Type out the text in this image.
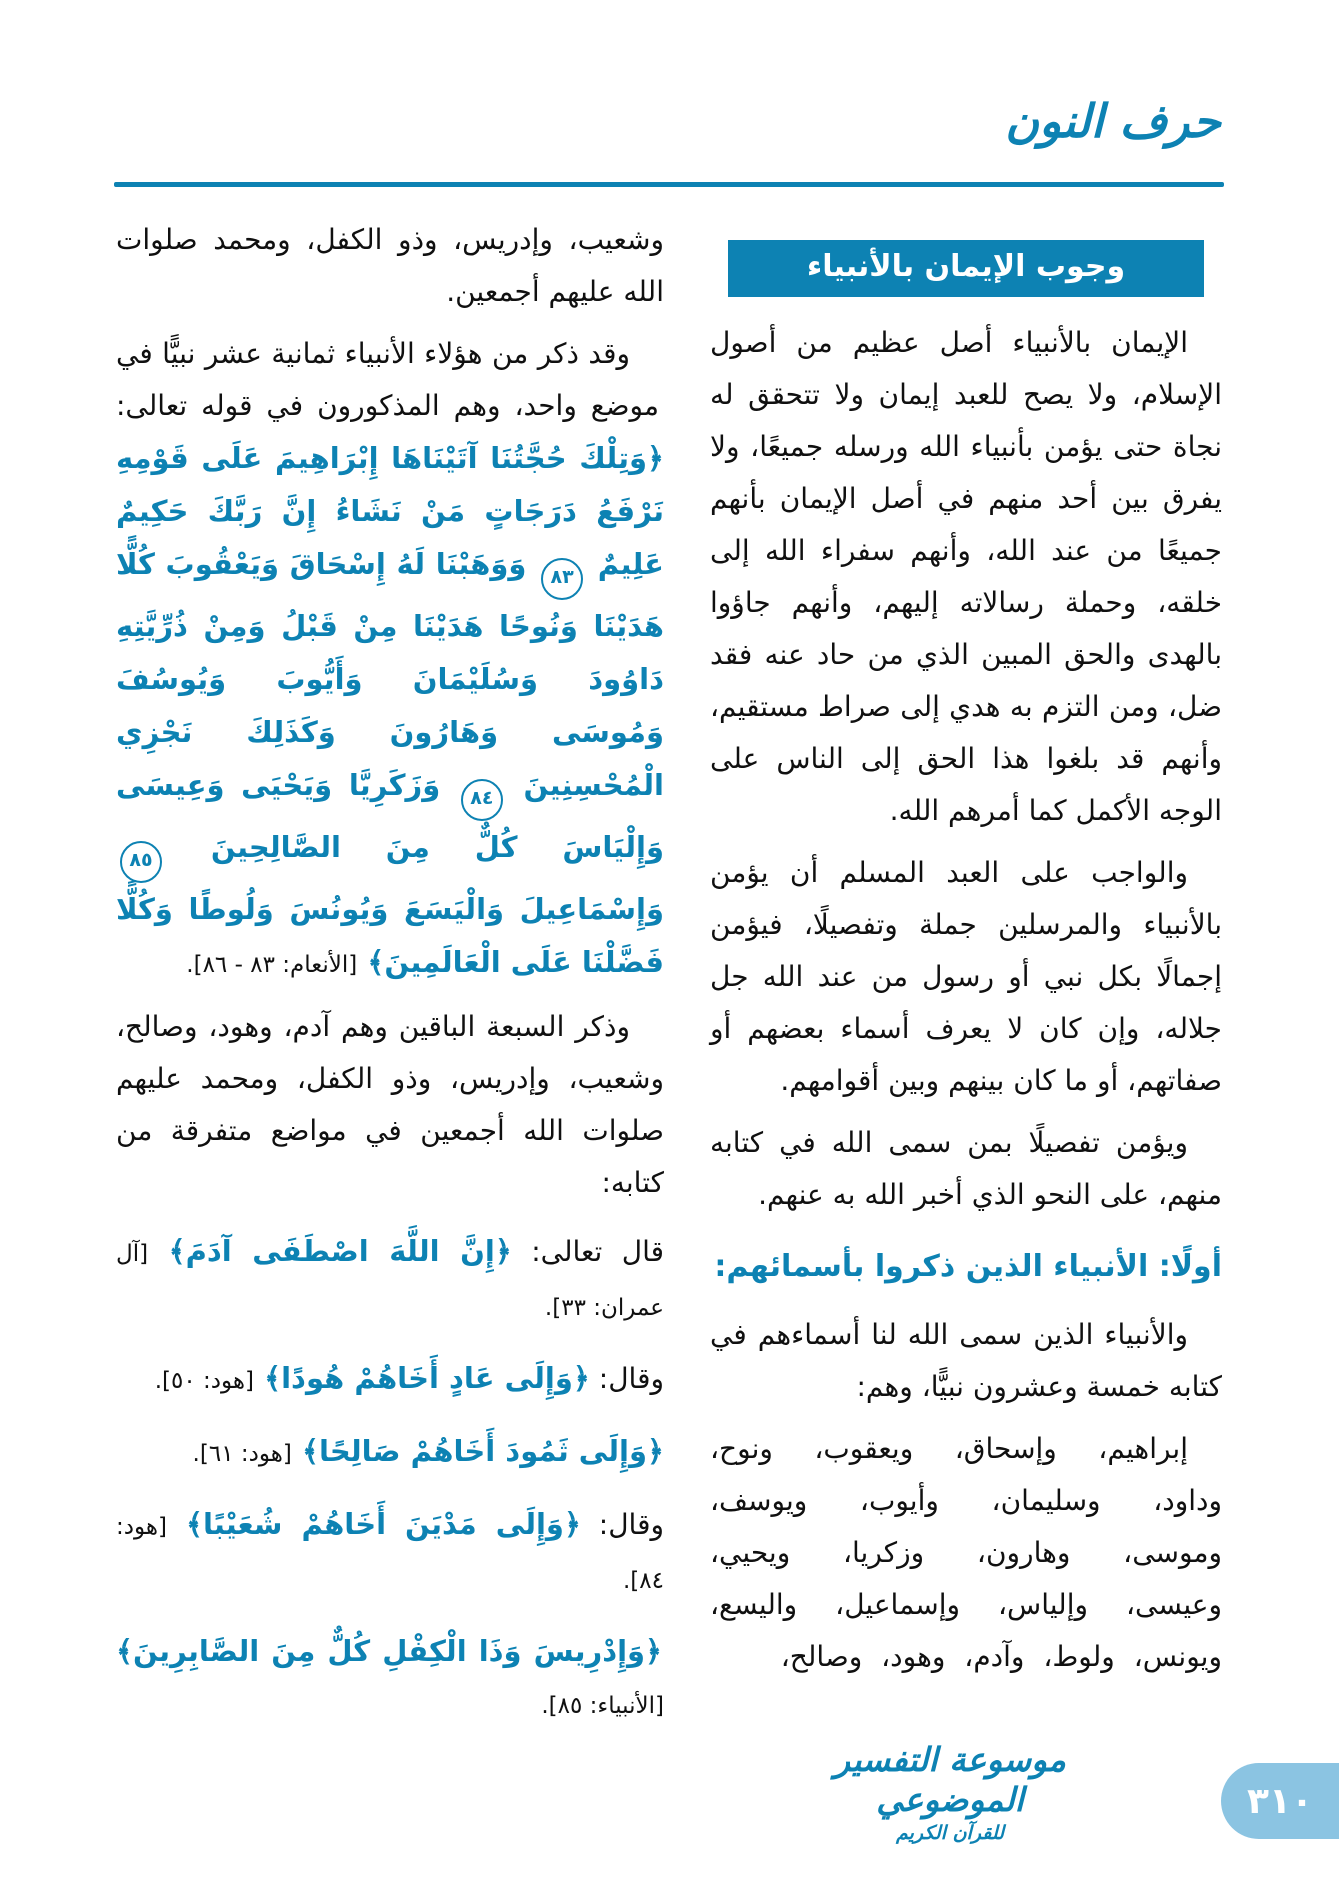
حرف النون
وجوب الإيمان بالأنبياء

الإيمان بالأنبياء أصل عظيم من أصول الإسلام، ولا يصح للعبد إيمان ولا تتحقق له نجاة حتى يؤمن بأنبياء الله ورسله جميعًا، ولا يفرق بين أحد منهم في أصل الإيمان بأنهم جميعًا من عند الله، وأنهم سفراء الله إلى خلقه، وحملة رسالاته إليهم، وأنهم جاؤوا بالهدى والحق المبين الذي من حاد عنه فقد ضل، ومن التزم به هدي إلى صراط مستقيم، وأنهم قد بلغوا هذا الحق إلى الناس على الوجه الأكمل كما أمرهم الله.

والواجب على العبد المسلم أن يؤمن بالأنبياء والمرسلين جملة وتفصيلًا، فيؤمن إجمالًا بكل نبي أو رسول من عند الله جل جلاله، وإن كان لا يعرف أسماء بعضهم أو صفاتهم، أو ما كان بينهم وبين أقوامهم.

ويؤمن تفصيلًا بمن سمى الله في كتابه منهم، على النحو الذي أخبر الله به عنهم.

أولًا: الأنبياء الذين ذكروا بأسمائهم:

والأنبياء الذين سمى الله لنا أسماءهم في كتابه خمسة وعشرون نبيًّا، وهم:

إبراهيم، وإسحاق، ويعقوب، ونوح، وداود، وسليمان، وأيوب، ويوسف، وموسى، وهارون، وزكريا، ويحيي، وعيسى، وإلياس، وإسماعيل، واليسع، ويونس، ولوط، وآدم، وهود، وصالح،

وشعيب، وإدريس، وذو الكفل، ومحمد صلوات الله عليهم أجمعين.

وقد ذكر من هؤلاء الأنبياء ثمانية عشر نبيًّا في موضع واحد، وهم المذكورون في قوله تعالى: ﴿وَتِلْكَ حُجَّتُنَا آتَيْنَاهَا إِبْرَاهِيمَ عَلَى قَوْمِهِ نَرْفَعُ دَرَجَاتٍ مَنْ نَشَاءُ إِنَّ رَبَّكَ حَكِيمٌ عَلِيمٌ ٨٣ وَوَهَبْنَا لَهُ إِسْحَاقَ وَيَعْقُوبَ كُلًّا هَدَيْنَا وَنُوحًا هَدَيْنَا مِنْ قَبْلُ وَمِنْ ذُرِّيَّتِهِ دَاوُودَ وَسُلَيْمَانَ وَأَيُّوبَ وَيُوسُفَ وَمُوسَى وَهَارُونَ وَكَذَلِكَ نَجْزِي الْمُحْسِنِينَ ٨٤ وَزَكَرِيَّا وَيَحْيَى وَعِيسَى وَإِلْيَاسَ كُلٌّ مِنَ الصَّالِحِينَ ٨٥ وَإِسْمَاعِيلَ وَالْيَسَعَ وَيُونُسَ وَلُوطًا وَكُلًّا فَضَّلْنَا عَلَى الْعَالَمِينَ﴾ [الأنعام: ٨٣ - ٨٦].

وذكر السبعة الباقين وهم آدم، وهود، وصالح، وشعيب، وإدريس، وذو الكفل، ومحمد عليهم صلوات الله أجمعين في مواضع متفرقة من كتابه:

قال تعالى: ﴿إِنَّ اللَّهَ اصْطَفَى آدَمَ﴾ [آل عمران: ٣٣].

وقال: ﴿وَإِلَى عَادٍ أَخَاهُمْ هُودًا﴾ [هود: ٥٠].

﴿وَإِلَى ثَمُودَ أَخَاهُمْ صَالِحًا﴾ [هود: ٦١].

وقال: ﴿وَإِلَى مَدْيَنَ أَخَاهُمْ شُعَيْبًا﴾ [هود: ٨٤].

﴿وَإِدْرِيسَ وَذَا الْكِفْلِ كُلٌّ مِنَ الصَّابِرِينَ﴾ [الأنبياء: ٨٥].

موسوعة التفسير الموضوعي
للقرآن الكريم
٣١٠
